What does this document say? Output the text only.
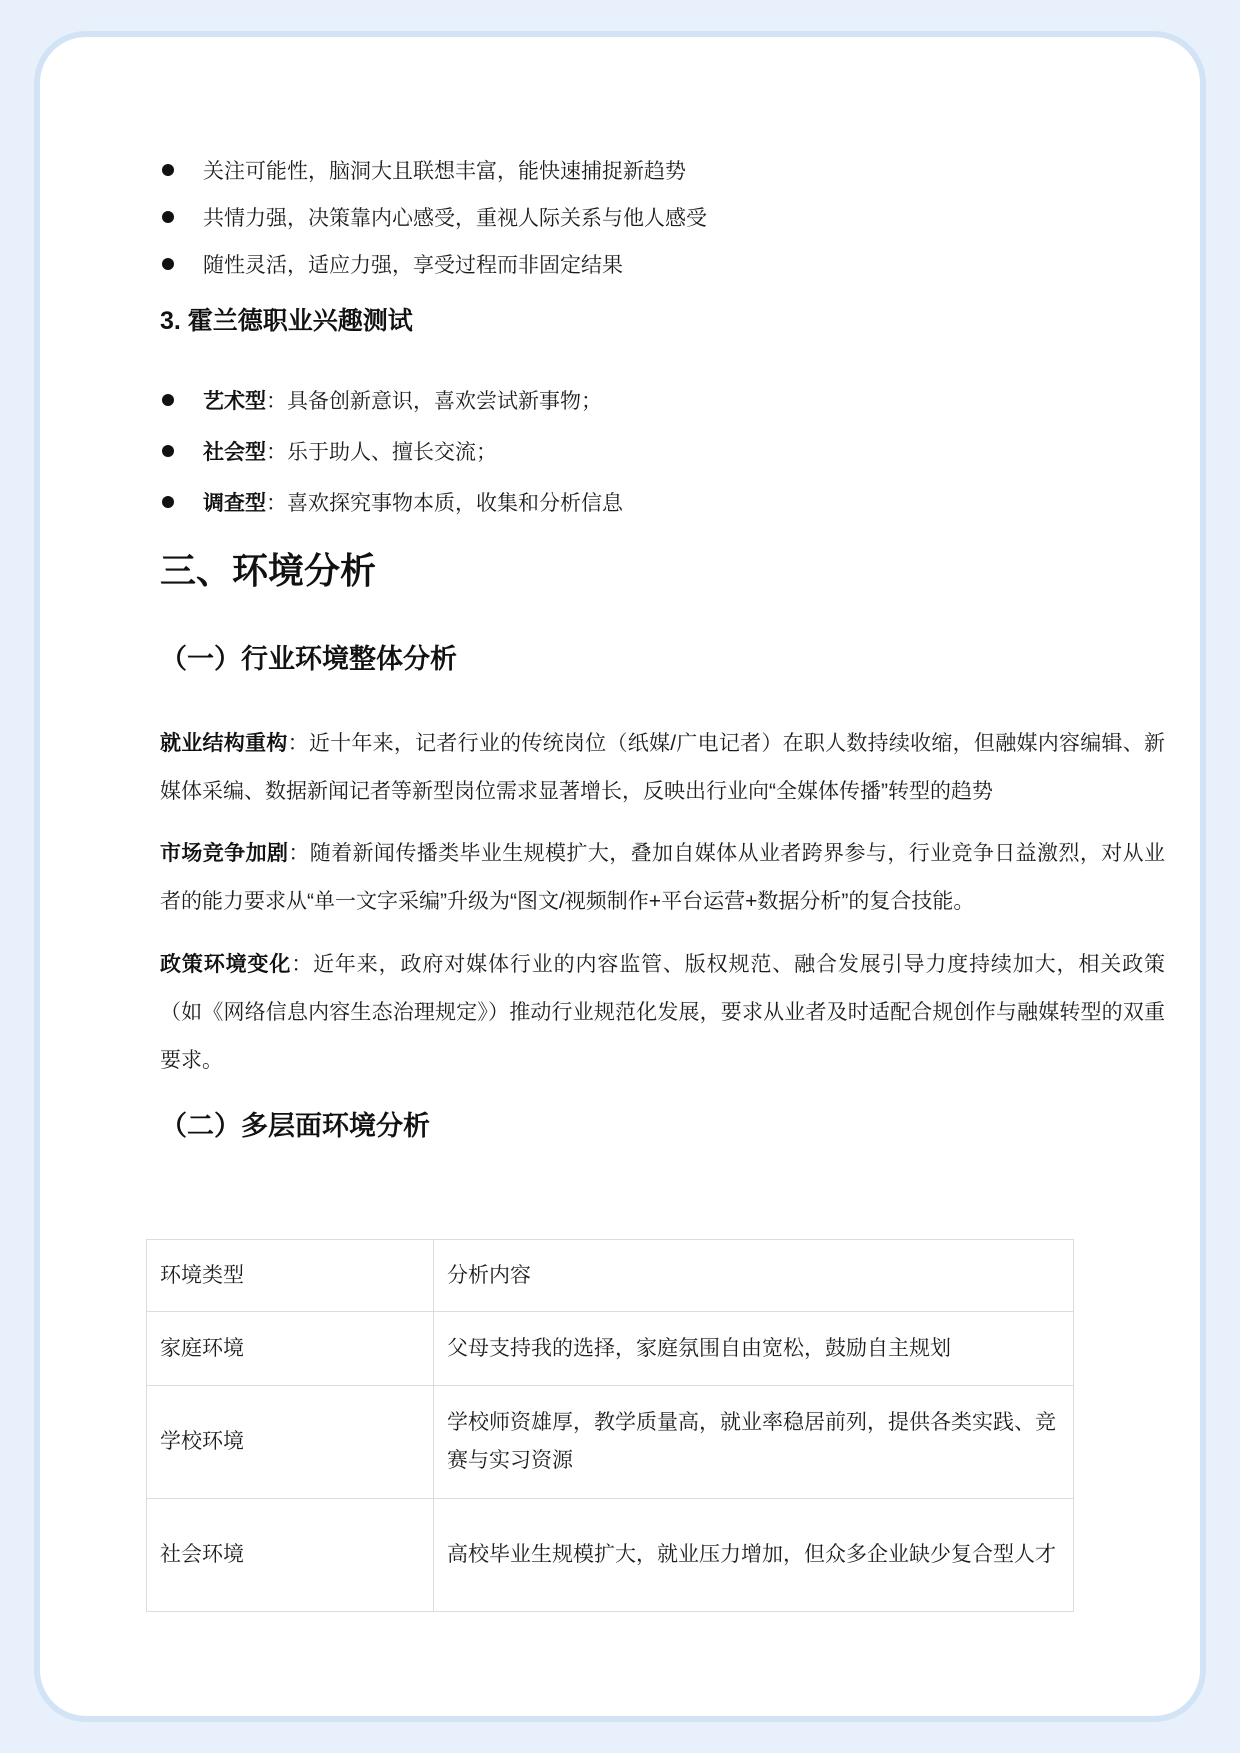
关注可能性，脑洞大且联想丰富，能快速捕捉新趋势
共情力强，决策靠内心感受，重视人际关系与他人感受
随性灵活，适应力强，享受过程而非固定结果
3. 霍兰德职业兴趣测试
艺术型 ：具备创新意识，喜欢尝试新事物；
社会型 ：乐于助人、擅长交流；
调查型 ：喜欢探究事物本质，收集和分析信息
三、环境分析
（一）行业环境整体分析
就业结构重构：近十年来，记者行业的传统岗位（纸媒/广电记者）在职人数持续收缩，但融媒内容编辑、新媒体采编、数据新闻记者等新型岗位需求显著增长，反映出行业向“全媒体传播”转型的趋势
市场竞争加剧：随着新闻传播类毕业生规模扩大，叠加自媒体从业者跨界参与，行业竞争日益激烈，对从业者的能力要求从“单一文字采编”升级为“图文/视频制作+平台运营+数据分析”的复合技能。
政策环境变化：近年来，政府对媒体行业的内容监管、版权规范、融合发展引导力度持续加大，相关政策（如《网络信息内容生态治理规定》）推动行业规范化发展，要求从业者及时适配合规创作与融媒转型的双重要求。
（二）多层面环境分析
环境类型	分析内容
家庭环境	父母支持我的选择，家庭氛围自由宽松，鼓励自主规划
学校环境	学校师资雄厚，教学质量高，就业率稳居前列，提供各类实践、竞赛与实习资源
社会环境	高校毕业生规模扩大，就业压力增加，但众多企业缺少复合型人才
